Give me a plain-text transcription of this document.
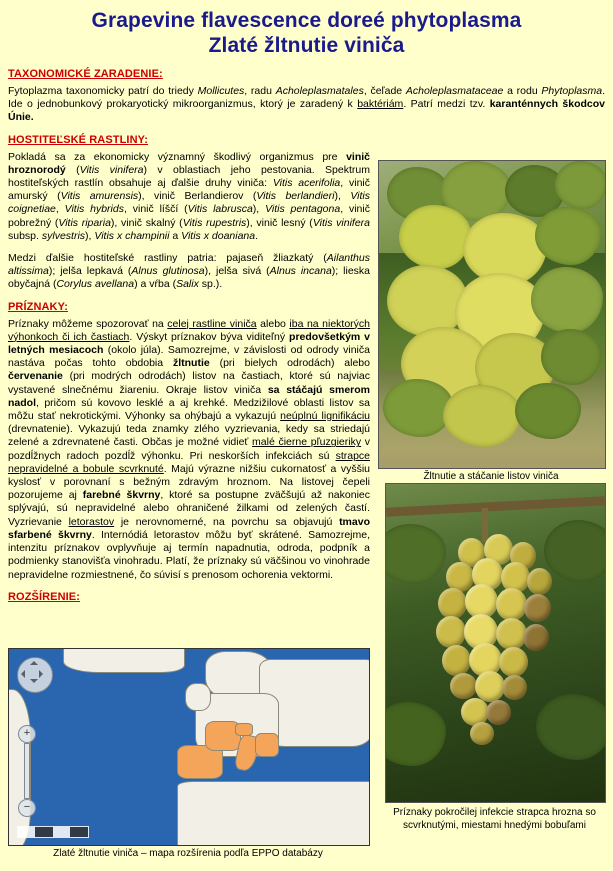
Grapevine flavescence doreé phytoplasma
Zlaté žltnutie viniča
TAXONOMICKÉ ZARADENIE:

Fytoplazma taxonomicky patrí do triedy Mollicutes, radu Acholeplasmatales, čeľade Acholeplasmataceae a rodu Phytoplasma. Ide o jednobunkový prokaryotický mikroorganizmus, ktorý je zaradený k baktériám. Patrí medzi tzv. karanténnych škodcov Únie.

HOSTITEĽSKÉ RASTLINY:

Pokladá sa za ekonomicky významný škodlivý organizmus pre vinič hroznorodý (Vitis vinifera) v oblastiach jeho pestovania. Spektrum hostiteľských rastlín obsahuje aj ďalšie druhy viniča: Vitis acerifolia, vinič amurský (Vitis amurensis), vinič Berlandierov (Vitis berlandieri), Vitis coignetiae, Vitis hybrids, vinič líščí (Vitis labrusca), Vitis pentagona, vinič pobrežný (Vitis riparia), vinič skalný (Vitis rupestris), vinič lesný (Vitis vinifera subsp. sylvestris), Vitis x champinii a Vitis x doaniana.

Medzi ďalšie hostiteľské rastliny patria: pajaseň žliazkatý (Ailanthus altissima); jelša lepkavá (Alnus glutinosa), jelša sivá (Alnus incana); lieska obyčajná (Corylus avellana) a vŕba (Salix sp.).

PRÍZNAKY:

Príznaky môžeme spozorovať na celej rastline viniča alebo iba na niektorých výhonkoch či ich častiach. Výskyt príznakov býva viditeľný predovšetkým v letných mesiacoch (okolo júla). Samozrejme, v závislosti od odrody viniča nastáva počas tohto obdobia žltnutie (pri bielych odrodách) alebo červenanie (pri modrých odrodách) listov na častiach, ktoré sú najviac vystavené slnečnému žiareniu. Okraje listov viniča sa stáčajú smerom nadol, pričom sú kovovo lesklé a aj krehké. Medzižilové oblasti listov sa môžu stať nekrotickými. Výhonky sa ohýbajú a vykazujú neúplnú lignifikáciu (drevnatenie). Vykazujú teda znamky zlého vyzrievania, kedy sa striedajú zelené a zdrevnatené časti. Občas je možné vidieť malé čierne pľuzgieriky v pozdĺžnych radoch pozdĺž výhonku. Pri neskorších infekciách sú strapce nepravidelné a bobule scvrknuté. Majú výrazne nižšiu cukornatosť a vyššiu kyslosť v porovnaní s bežným zdravým hroznom. Na listovej čepeli pozorujeme aj farebné škvrny, ktoré sa postupne zväčšujú až nakoniec splývajú, sú nepravidelné alebo ohraničené žilkami od zelených častí. Vyzrievanie letorastov je nerovnomerné, na povrchu sa objavujú tmavo sfarbené škvrny. Internódiá letorastov môžu byť skrátené. Samozrejme, intenzitu príznakov ovplyvňuje aj termín napadnutia, odroda, podpník a podmienky stanovišťa vinohradu. Platí, že príznaky sú väčšinou vo vinohrade nepravidelne rozmiestnené, čo súvisí s prenosom ochorenia vektormi.

ROZŠÍRENIE:
Žltnutie a stáčanie listov viniča
Príznaky pokročilej infekcie strapca hrozna so scvrknutými, miestami hnedými bobuľami
+
−
Zlaté žltnutie viniča – mapa rozšírenia podľa EPPO databázy
